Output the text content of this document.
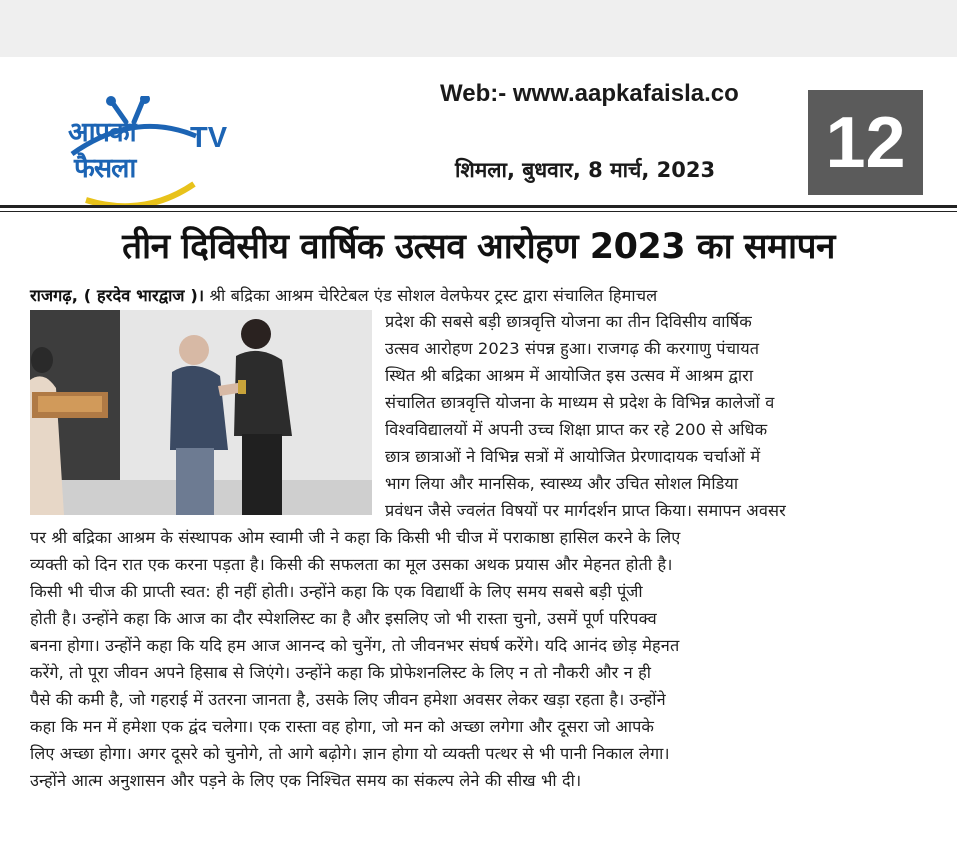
आपका
फैसला
TV
Web:- www.aapkafaisla.co
शिमला, बुधवार, 8 मार्च, 2023 12
तीन दिविसीय वार्षिक उत्सव आरोहण 2023 का समापन
राजगढ़, ( हरदेव भारद्वाज )। श्री बद्रिका आश्रम चेरिटेबल एंड सोशल वेलफेयर ट्रस्ट द्वारा संचालित हिमाचल
प्रदेश की सबसे बड़ी छात्रवृत्ति योजना का तीन दिविसीय वार्षिक
उत्सव आरोहण 2023 संपन्न हुआ। राजगढ़ की करगाणु पंचायत
स्थित श्री बद्रिका आश्रम में आयोजित इस उत्सव में आश्रम द्वारा
संचालित छात्रवृत्ति योजना के माध्यम से प्रदेश के विभिन्न कालेजों व
विश्वविद्यालयों में अपनी उच्च शिक्षा प्राप्त कर रहे 200 से अधिक
छात्र छात्राओं ने विभिन्न सत्रों में आयोजित प्रेरणादायक चर्चाओं में
भाग लिया और मानसिक, स्वास्थ्य और उचित सोशल मिडिया
प्रवंधन जैसे ज्वलंत विषयों पर मार्गदर्शन प्राप्त किया। समापन अवसर
पर श्री बद्रिका आश्रम के संस्थापक ओम स्वामी जी ने कहा कि किसी भी चीज में पराकाष्ठा हासिल करने के लिए
व्यक्ती को दिन रात एक करना पड़ता है। किसी की सफलता का मूल उसका अथक प्रयास और मेहनत होती है।
किसी भी चीज की प्राप्ती स्वत: ही नहीं होती। उन्होंने कहा कि एक विद्यार्थी के लिए समय सबसे बड़ी पूंजी
होती है। उन्होंने कहा कि आज का दौर स्पेशलिस्ट का है और इसलिए जो भी रास्ता चुनो, उसमें पूर्ण परिपक्व
बनना होगा। उन्होंने कहा कि यदि हम आज आनन्द को चुनेंग, तो जीवनभर संघर्ष करेंगे। यदि आनंद छोड़ मेहनत
करेंगे, तो पूरा जीवन अपने हिसाब से जिएंगे। उन्होंने कहा कि प्रोफेशनलिस्ट के लिए न तो नौकरी और न ही
पैसे की कमी है, जो गहराई में उतरना जानता है, उसके लिए जीवन हमेशा अवसर लेकर खड़ा रहता है। उन्होंने
कहा कि मन में हमेशा एक द्वंद चलेगा। एक रास्ता वह होगा, जो मन को अच्छा लगेगा और दूसरा जो आपके
लिए अच्छा होगा। अगर दूसरे को चुनोगे, तो आगे बढ़ोगे। ज्ञान होगा यो व्यक्ती पत्थर से भी पानी निकाल लेगा।
उन्होंने आत्म अनुशासन और पड़ने के लिए एक निश्चित समय का संकल्प लेने की सीख भी दी।
